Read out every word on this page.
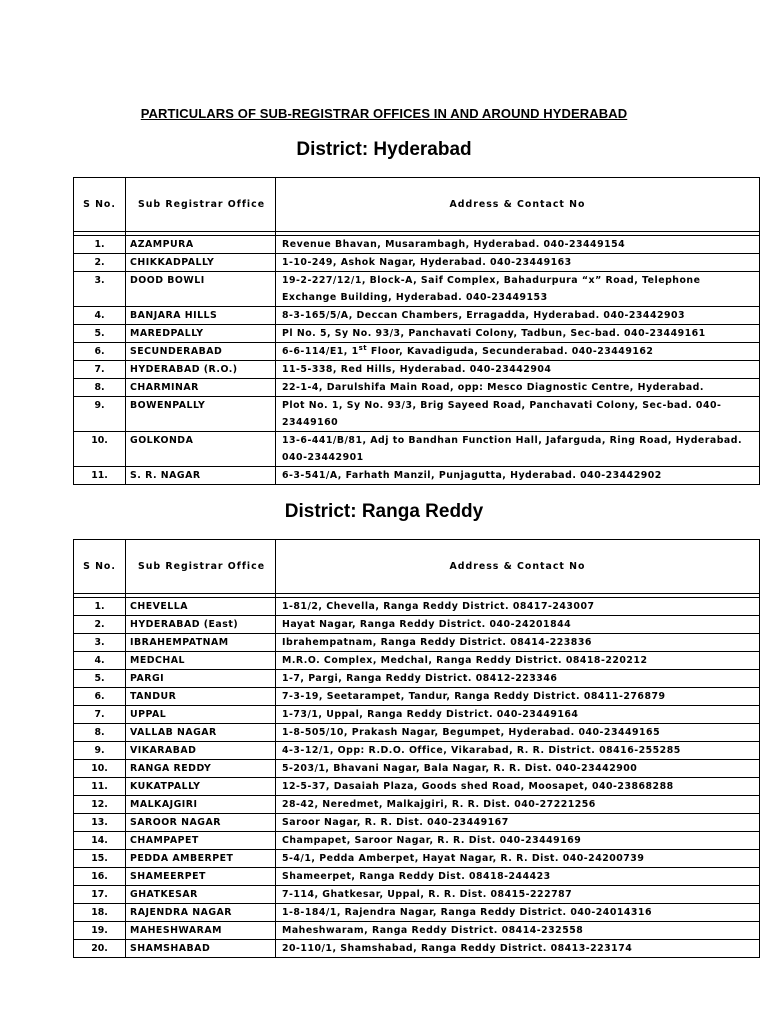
PARTICULARS OF SUB-REGISTRAR OFFICES IN AND AROUND HYDERABAD
District: Hyderabad
S No.	Sub Registrar Office	Address & Contact No

1.	AZAMPURA	Revenue Bhavan, Musarambagh, Hyderabad. 040-23449154
2.	CHIKKADPALLY	1-10-249, Ashok Nagar, Hyderabad. 040-23449163
3.	DOOD BOWLI	19-2-227/12/1, Block-A, Saif Complex, Bahadurpura “x” Road, Telephone Exchange Building, Hyderabad. 040-23449153
4.	BANJARA HILLS	8-3-165/5/A, Deccan Chambers, Erragadda, Hyderabad. 040-23442903
5.	MAREDPALLY	Pl No. 5, Sy No. 93/3, Panchavati Colony, Tadbun, Sec-bad. 040-23449161
6.	SECUNDERABAD	6-6-114/E1, 1st Floor, Kavadiguda, Secunderabad. 040-23449162
7.	HYDERABAD (R.O.)	11-5-338, Red Hills, Hyderabad. 040-23442904
8.	CHARMINAR	22-1-4, Darulshifa Main Road, opp: Mesco Diagnostic Centre, Hyderabad.
9.	BOWENPALLY	Plot No. 1, Sy No. 93/3, Brig Sayeed Road, Panchavati Colony, Sec-bad. 040-23449160
10.	GOLKONDA	13-6-441/B/81, Adj to Bandhan Function Hall, Jafarguda, Ring Road, Hyderabad. 040-23442901
11.	S. R. NAGAR	6-3-541/A, Farhath Manzil, Punjagutta, Hyderabad. 040-23442902
District: Ranga Reddy
S No.	Sub Registrar Office	Address & Contact No

1.	CHEVELLA	1-81/2, Chevella, Ranga Reddy District. 08417-243007
2.	HYDERABAD (East)	Hayat Nagar, Ranga Reddy District. 040-24201844
3.	IBRAHEMPATNAM	Ibrahempatnam, Ranga Reddy District. 08414-223836
4.	MEDCHAL	M.R.O. Complex, Medchal, Ranga Reddy District. 08418-220212
5.	PARGI	1-7, Pargi, Ranga Reddy District. 08412-223346
6.	TANDUR	7-3-19, Seetarampet, Tandur, Ranga Reddy District. 08411-276879
7.	UPPAL	1-73/1, Uppal, Ranga Reddy District. 040-23449164
8.	VALLAB NAGAR	1-8-505/10, Prakash Nagar, Begumpet, Hyderabad. 040-23449165
9.	VIKARABAD	4-3-12/1, Opp: R.D.O. Office, Vikarabad, R. R. District. 08416-255285
10.	RANGA REDDY	5-203/1, Bhavani Nagar, Bala Nagar, R. R. Dist. 040-23442900
11.	KUKATPALLY	12-5-37, Dasaiah Plaza, Goods shed Road, Moosapet, 040-23868288
12.	MALKAJGIRI	28-42, Neredmet, Malkajgiri, R. R. Dist. 040-27221256
13.	SAROOR NAGAR	Saroor Nagar, R. R. Dist. 040-23449167
14.	CHAMPAPET	Champapet, Saroor Nagar, R. R. Dist. 040-23449169
15.	PEDDA AMBERPET	5-4/1, Pedda Amberpet, Hayat Nagar, R. R. Dist. 040-24200739
16.	SHAMEERPET	Shameerpet, Ranga Reddy Dist. 08418-244423
17.	GHATKESAR	7-114, Ghatkesar, Uppal, R. R. Dist. 08415-222787
18.	RAJENDRA NAGAR	1-8-184/1, Rajendra Nagar, Ranga Reddy District. 040-24014316
19.	MAHESHWARAM	Maheshwaram, Ranga Reddy District. 08414-232558
20.	SHAMSHABAD	20-110/1, Shamshabad, Ranga Reddy District. 08413-223174
